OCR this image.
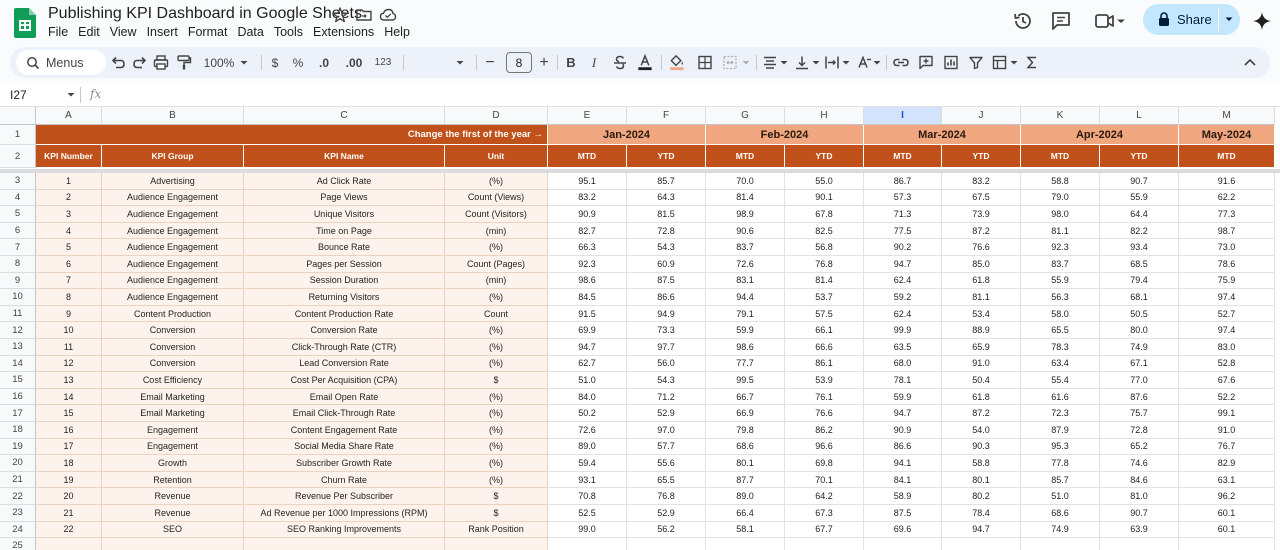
Publishing KPI Dashboard in Google Sheets
File Edit View Insert Format Data Tools Extensions Help
Share
Menus	100%	$	% .0 .00 123	−	8	+ B	I
I27	fx
Change the first of the year →	Jan-2024	Feb-2024	Mar-2024	Apr-2024	May-2024
KPI Number	KPI Group	KPI Name	Unit	MTD	YTD	MTD	YTD	MTD	YTD	MTD	YTD	MTD
1	Advertising	Ad Click Rate	(%)	95.1	85.7	70.0	55.0	86.7	83.2	58.8	90.7	91.6
2	Audience Engagement	Page Views	Count (Views)	83.2	64.3	81.4	90.1	57.3	67.5	79.0	55.9	62.2
3	Audience Engagement	Unique Visitors	Count (Visitors)	90.9	81.5	98.9	67.8	71.3	73.9	98.0	64.4	77.3
4	Audience Engagement	Time on Page	(min)	82.7	72.8	90.6	82.5	77.5	87.2	81.1	82.2	98.7
5	Audience Engagement	Bounce Rate	(%)	66.3	54.3	83.7	56.8	90.2	76.6	92.3	93.4	73.0
6	Audience Engagement	Pages per Session	Count (Pages)	92.3	60.9	72.6	76.8	94.7	85.0	83.7	68.5	78.6
7	Audience Engagement	Session Duration	(min)	98.6	87.5	83.1	81.4	62.4	61.8	55.9	79.4	75.9
8	Audience Engagement	Returning Visitors	(%)	84.5	86.6	94.4	53.7	59.2	81.1	56.3	68.1	97.4
9	Content Production	Content Production Rate	Count	91.5	94.9	79.1	57.5	62.4	53.4	58.0	50.5	52.7
10	Conversion	Conversion Rate	(%)	69.9	73.3	59.9	66.1	99.9	88.9	65.5	80.0	97.4
11	Conversion	Click-Through Rate (CTR)	(%)	94.7	97.7	98.6	66.6	63.5	65.9	78.3	74.9	83.0
12	Conversion	Lead Conversion Rate	(%)	62.7	56.0	77.7	86.1	68.0	91.0	63.4	67.1	52.8
13	Cost Efficiency	Cost Per Acquisition (CPA)	$	51.0	54.3	99.5	53.9	78.1	50.4	55.4	77.0	67.6
14	Email Marketing	Email Open Rate	(%)	84.0	71.2	66.7	76.1	59.9	61.8	61.6	87.6	52.2
15	Email Marketing	Email Click-Through Rate	(%)	50.2	52.9	66.9	76.6	94.7	87.2	72.3	75.7	99.1
16	Engagement	Content Engagement Rate	(%)	72.6	97.0	79.8	86.2	90.9	54.0	87.9	72.8	91.0
17	Engagement	Social Media Share Rate	(%)	89.0	57.7	68.6	96.6	86.6	90.3	95.3	65.2	76.7
18	Growth	Subscriber Growth Rate	(%)	59.4	55.6	80.1	69.8	94.1	58.8	77.8	74.6	82.9
19	Retention	Churn Rate	(%)	93.1	65.5	87.7	70.1	84.1	80.1	85.7	84.6	63.1
20	Revenue	Revenue Per Subscriber	$	70.8	76.8	89.0	64.2	58.9	80.2	51.0	81.0	96.2
21	Revenue	Ad Revenue per 1000 Impressions (RPM)	$	52.5	52.9	66.4	67.3	87.5	78.4	68.6	90.7	60.1
22	SEO	SEO Ranking Improvements	Rank Position	99.0	56.2	58.1	67.7	69.6	94.7	74.9	63.9	60.1
A	B	C	D	E	F	G	H	I	J	K	L	M
1
2
3
4
5
6
7
8
9
10
11
12
13
14
15
16
17
18
19
20
21
22
23
24
25
